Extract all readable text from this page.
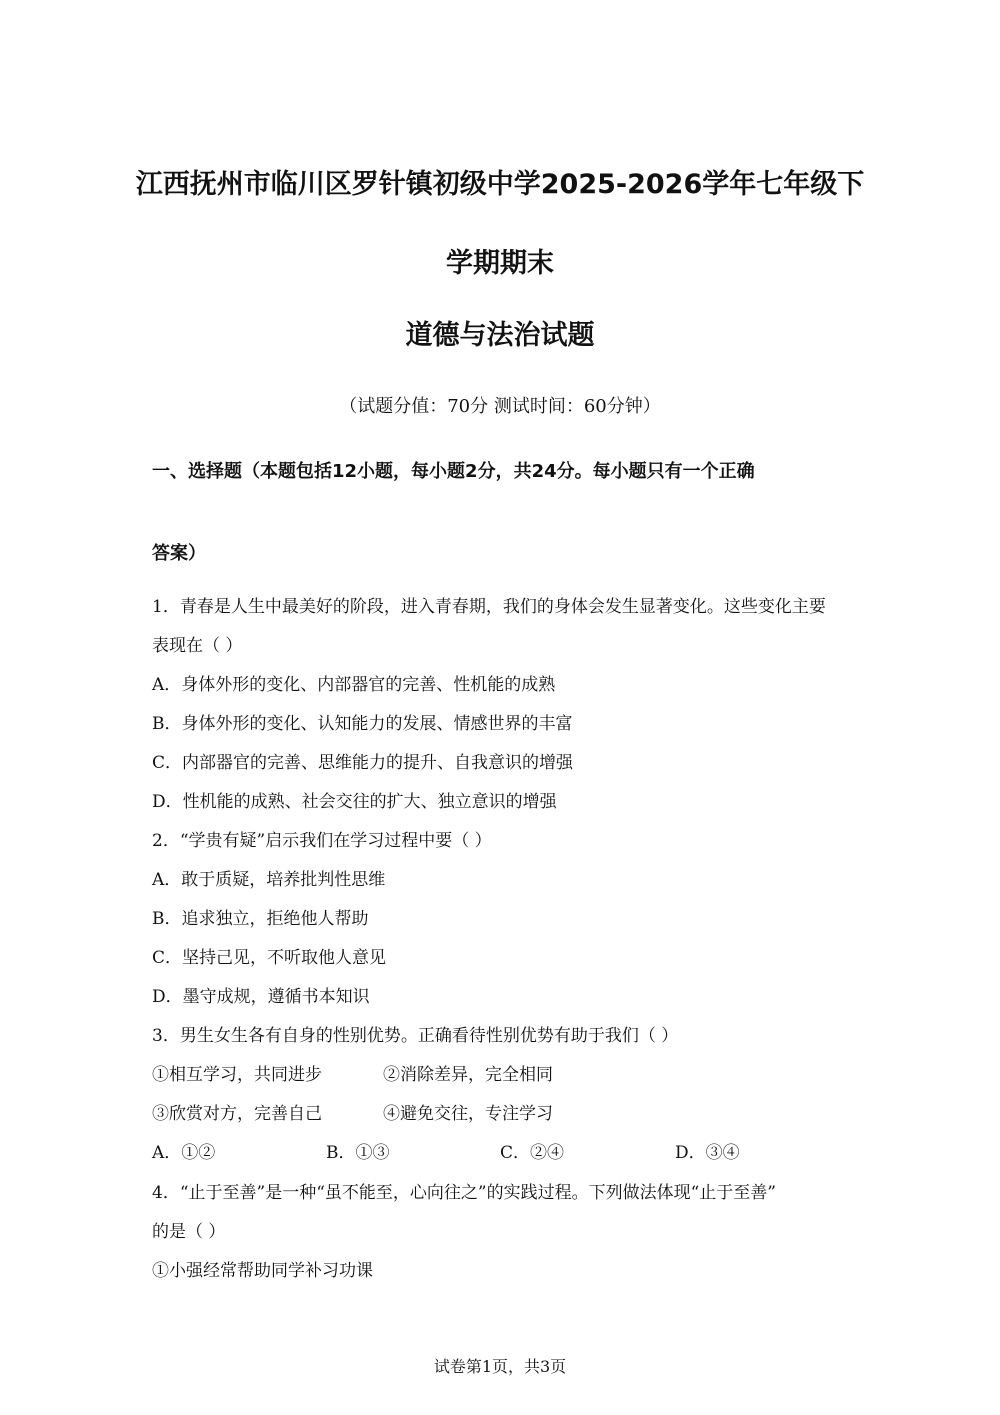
江西抚州市临川区罗针镇初级中学2025-2026学年七年级下
学期期末
道德与法治试题
（试题分值：70分 测试时间：60分钟）
一、选择题（本题包括12小题，每小题2分，共24分。每小题只有一个正确
答案）
1．青春是人生中最美好的阶段，进入青春期，我们的身体会发生显著变化。这些变化主要
表现在（ ）
A．身体外形的变化、内部器官的完善、性机能的成熟
B．身体外形的变化、认知能力的发展、情感世界的丰富
C．内部器官的完善、思维能力的提升、自我意识的增强
D．性机能的成熟、社会交往的扩大、独立意识的增强
2．“学贵有疑”启示我们在学习过程中要（ ）
A．敢于质疑，培养批判性思维
B．追求独立，拒绝他人帮助
C．坚持己见，不听取他人意见
D．墨守成规，遵循书本知识
3．男生女生各有自身的性别优势。正确看待性别优势有助于我们（ ）
①相互学习，共同进步	②消除差异，完全相同
③欣赏对方，完善自己	④避免交往，专注学习
A．①②	B．①③	C．②④	D．③④
4．“止于至善”是一种“虽不能至，心向往之”的实践过程。下列做法体现“止于至善”
的是（ ）
①小强经常帮助同学补习功课
试卷第1页，共3页
